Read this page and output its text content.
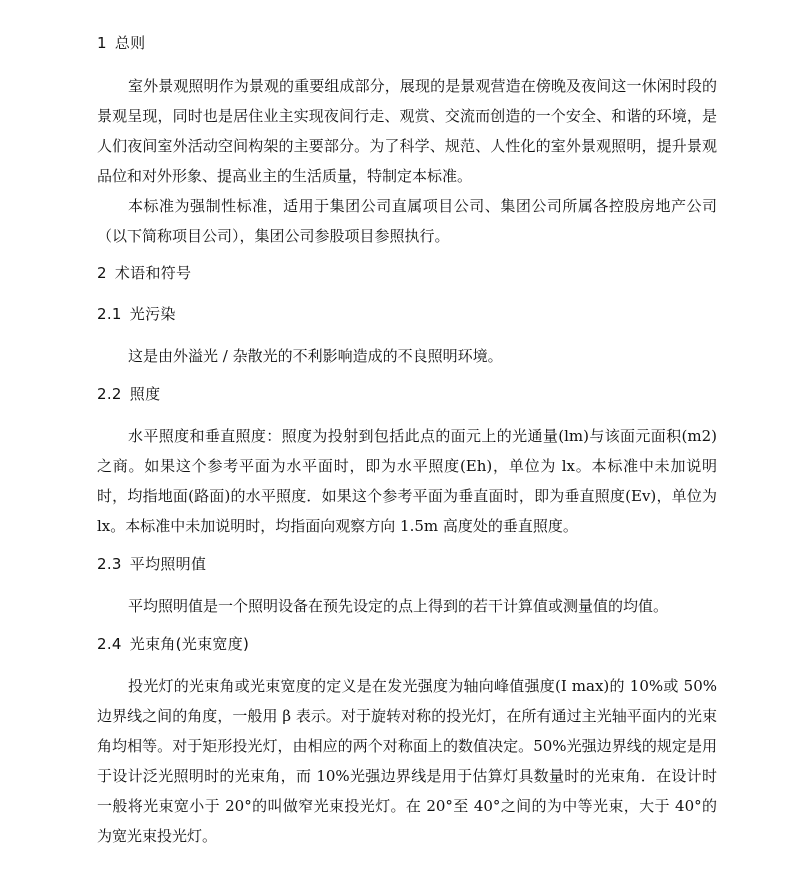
1 总则

室外景观照明作为景观的重要组成部分，展现的是景观营造在傍晚及夜间这一休闲时段的景观呈现，同时也是居住业主实现夜间行走、观赏、交流而创造的一个安全、和谐的环境，是人们夜间室外活动空间构架的主要部分。为了科学、规范、人性化的室外景观照明，提升景观品位和对外形象、提高业主的生活质量，特制定本标准。

本标准为强制性标准，适用于集团公司直属项目公司、集团公司所属各控股房地产公司（以下简称项目公司），集团公司参股项目参照执行。

2 术语和符号
2.1 光污染

这是由外溢光 / 杂散光的不利影响造成的不良照明环境。

2.2 照度

水平照度和垂直照度：照度为投射到包括此点的面元上的光通量(lm)与该面元面积(m2)之商。如果这个参考平面为水平面时，即为水平照度(Eh)，单位为 lx。本标准中未加说明时，均指地面(路面)的水平照度．如果这个参考平面为垂直面时，即为垂直照度(Ev)，单位为 lx。本标准中未加说明时，均指面向观察方向 1.5m 高度处的垂直照度。

2.3 平均照明值

平均照明值是一个照明设备在预先设定的点上得到的若干计算值或测量值的均值。

2.4 光束角(光束宽度)

投光灯的光束角或光束宽度的定义是在发光强度为轴向峰值强度(I max)的 10%或 50%边界线之间的角度，一般用 β 表示。对于旋转对称的投光灯，在所有通过主光轴平面内的光束角均相等。对于矩形投光灯，由相应的两个对称面上的数值决定。50%光强边界线的规定是用于设计泛光照明时的光束角，而 10%光强边界线是用于估算灯具数量时的光束角．在设计时一般将光束宽小于 20°的叫做窄光束投光灯。在 20°至 40°之间的为中等光束，大于 40°的为宽光束投光灯。
